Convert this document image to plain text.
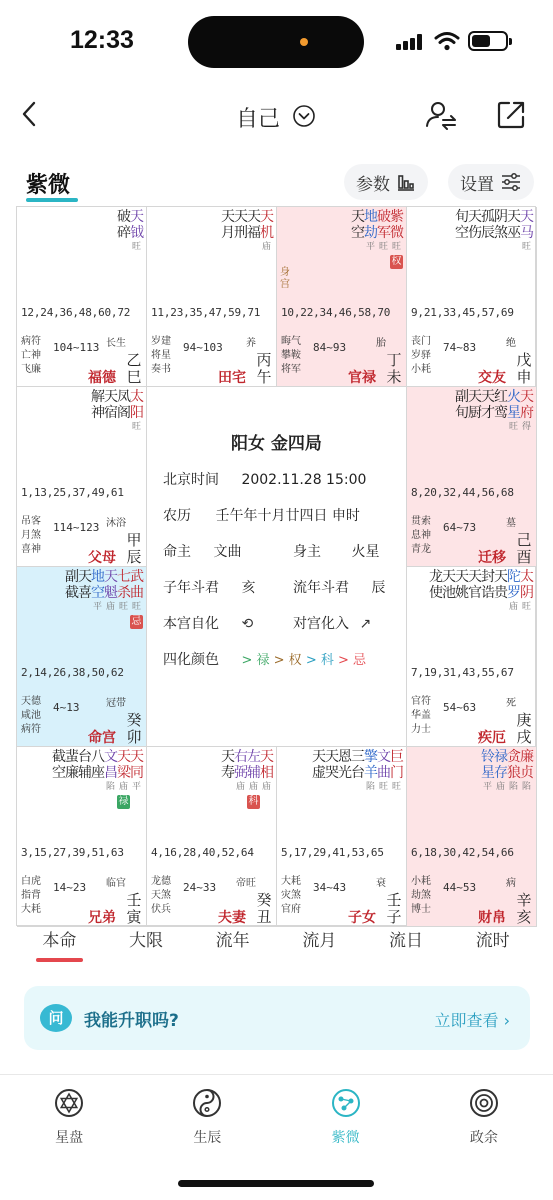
12:33
自己
紫微	参数	设置
阳女 金四局
北京时间 2002.11.28 15:00
农历 壬午年十月廿四日 申时
命主 文曲	身主 火星
子年斗君 亥	流年斗君 辰
本宫自化 ⟲	对宫化入 ↗
四化颜色 > 禄 > 权 > 科 > 忌
破碎
天钺
旺
12,24,36,48,60,72
病符
亡神
飞廉
104~113 长生
乙巳
福德
天月
天刑
天福
天机
庙
11,23,35,47,59,71
岁建
将星
奏书
94~103 养
丙午
田宅
天空
地劫
平
破军
旺
紫微
旺
权
身宫
10,22,34,46,58,70
晦气
攀鞍
将军
84~93	胎
丁未
官禄
旬空
天伤
孤辰
阴煞
天巫
天马
旺
9,21,33,45,57,69
丧门
岁驿
小耗
74~83	绝
戊申
交友
解神
天宿
凤阁
太阳
旺
1,13,25,37,49,61
吊客
月煞
喜神
114~123 沐浴
甲辰
父母
副旬
天厨
天才
红鸾
火星
旺
天府
得
8,20,32,44,56,68
贯索
息神
青龙
64~73	墓
己酉
迁移
副截
天喜
地空
平
天魁
庙
七杀
旺
武曲
旺
忌
2,14,26,38,50,62
天德
咸池
病符
4~13	冠带
癸卯
命宫
龙使
天池
天姚
天官
封诰
天贵
陀罗
庙
太阴
旺
7,19,31,43,55,67
官符
华盖
力士
54~63	死
庚戌
疾厄
截空
蜚廉
台辅
八座
文昌
陷
天梁
庙
禄
天同
平
3,15,27,39,51,63
白虎
指背
大耗
14~23 临官
壬寅
兄弟
天寿
右弼
庙
左辅
庙
科
天相
庙
4,16,28,40,52,64
龙德
天煞
伏兵
24~33 帝旺
癸丑
夫妻
天虚
天哭
恩光
三台
擎羊
陷
文曲
旺
巨门
旺
5,17,29,41,53,65
大耗
灾煞
官府
34~43	衰
壬子
子女
铃星
平
禄存
庙
贪狼
陷
廉贞
陷
6,18,30,42,54,66
小耗
劫煞
博士
44~53	病
辛亥
财帛
本命	大限	流年	流月	流日	流时
问	我能升职吗?	立即查看 ›
星盘	生辰	紫微	政余
